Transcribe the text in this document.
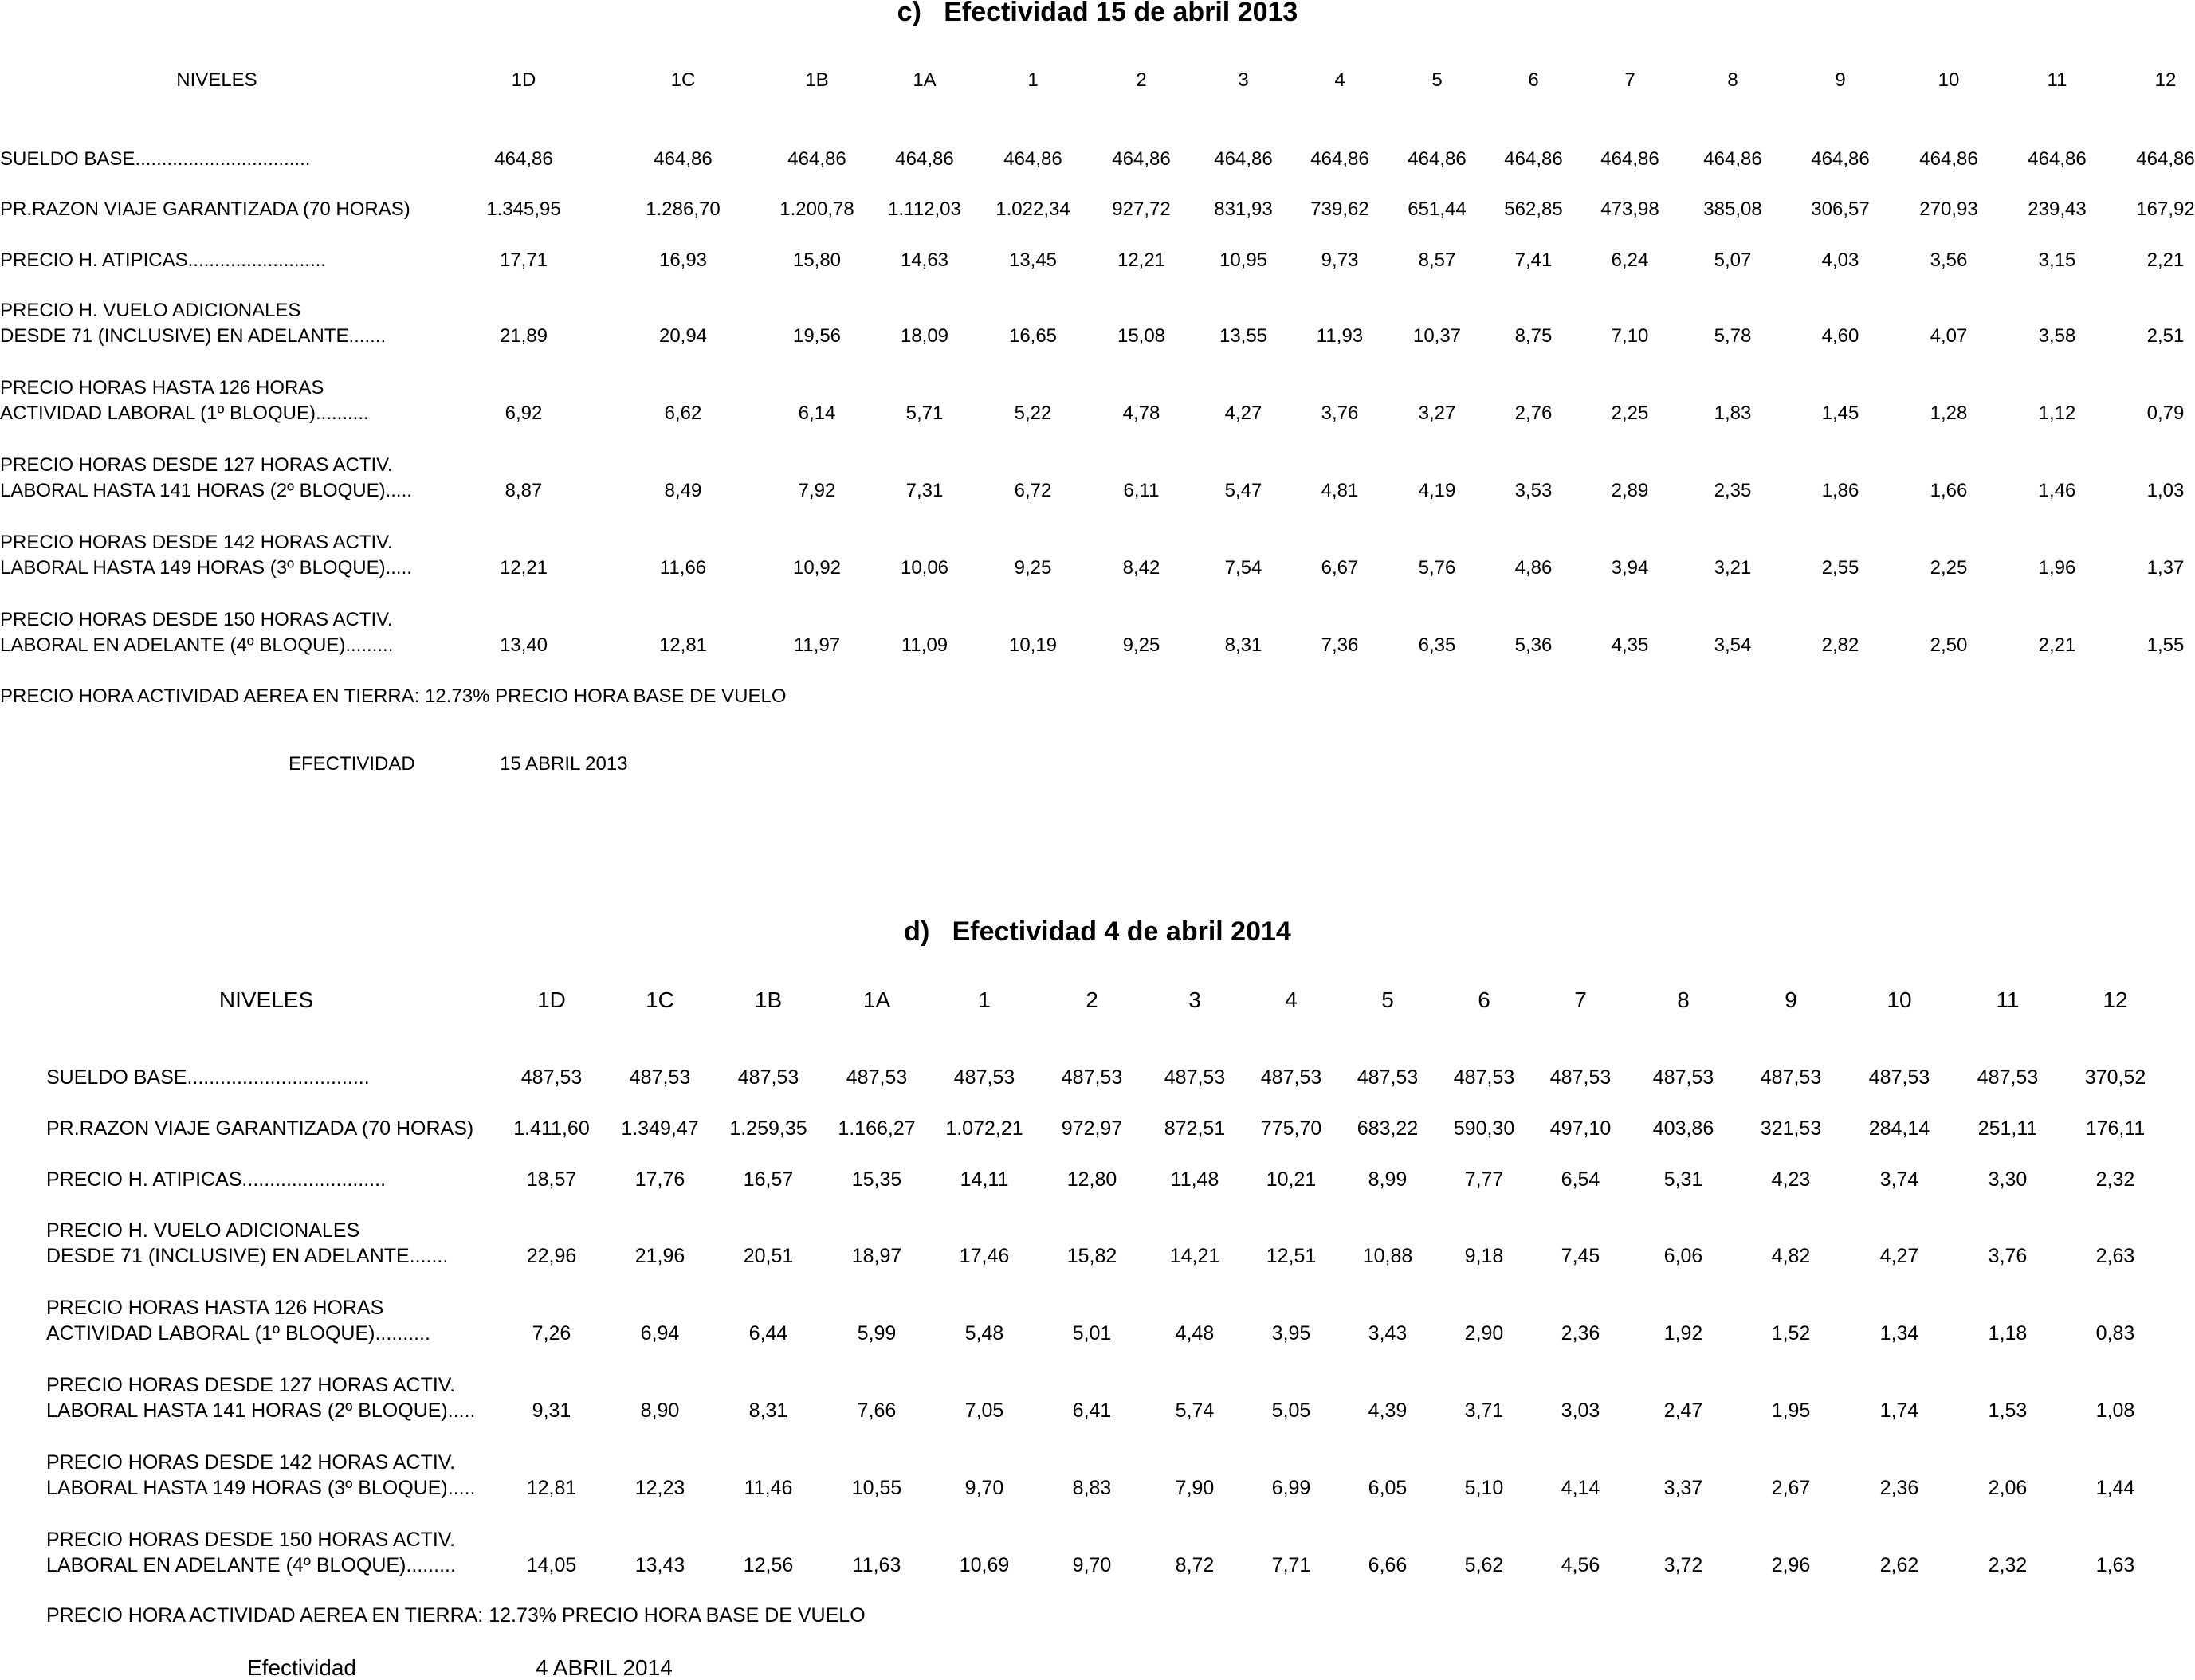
c)   Efectividad 15 de abril 2013
NIVELES	1D	1C	1B	1A	1	2	3	4	5	6	7	8	9	10	11	12
SUELDO BASE.................................	464,86	464,86	464,86	464,86	464,86	464,86 464,86 464,86 464,86 464,86 464,86 464,86	464,86	464,86	464,86	464,86
PR.RAZON VIAJE GARANTIZADA (70 HORAS)	1.345,95	1.286,70	1.200,78 1.112,03 1.022,34 927,72 831,93 739,62 651,44 562,85 473,98 385,08	306,57	270,93	239,43	167,92
PRECIO H. ATIPICAS..........................	17,71	16,93	15,80	14,63	13,45	12,21	10,95	9,73	8,57	7,41	6,24	5,07	4,03	3,56	3,15	2,21
PRECIO H. VUELO ADICIONALES
DESDE 71 (INCLUSIVE) EN ADELANTE.......	21,89	20,94	19,56	18,09	16,65	15,08	13,55	11,93	10,37	8,75	7,10	5,78	4,60	4,07	3,58	2,51
PRECIO HORAS HASTA 126 HORAS
ACTIVIDAD LABORAL (1º BLOQUE)..........	6,92	6,62	6,14	5,71	5,22	4,78	4,27	3,76	3,27	2,76	2,25	1,83	1,45	1,28	1,12	0,79
PRECIO HORAS DESDE 127 HORAS ACTIV.
LABORAL HASTA 141 HORAS (2º BLOQUE).....	8,87	8,49	7,92	7,31	6,72	6,11	5,47	4,81	4,19	3,53	2,89	2,35	1,86	1,66	1,46	1,03
PRECIO HORAS DESDE 142 HORAS ACTIV.
LABORAL HASTA 149 HORAS (3º BLOQUE).....	12,21	11,66	10,92	10,06	9,25	8,42	7,54	6,67	5,76	4,86	3,94	3,21	2,55	2,25	1,96	1,37
PRECIO HORAS DESDE 150 HORAS ACTIV.
LABORAL EN ADELANTE (4º BLOQUE).........	13,40	12,81	11,97	11,09	10,19	9,25	8,31	7,36	6,35	5,36	4,35	3,54	2,82	2,50	2,21	1,55
PRECIO HORA ACTIVIDAD AEREA EN TIERRA: 12.73% PRECIO HORA BASE DE VUELO
EFECTIVIDAD	15 ABRIL 2013
d)   Efectividad 4 de abril 2014
NIVELES	1D	1C	1B	1A	1	2	3	4	5	6	7	8	9	10	11	12
SUELDO BASE.................................	487,53 487,53 487,53 487,53 487,53 487,53 487,53 487,53 487,53 487,53 487,53 487,53 487,53 487,53 487,53 370,52
PR.RAZON VIAJE GARANTIZADA (70 HORAS) 1.411,60 1.349,47 1.259,35 1.166,27 1.072,21 972,97 872,51 775,70 683,22 590,30 497,10 403,86 321,53 284,14 251,11 176,11
PRECIO H. ATIPICAS..........................	18,57	17,76	16,57	15,35	14,11	12,80	11,48 10,21	8,99	7,77	6,54	5,31	4,23	3,74	3,30	2,32
PRECIO H. VUELO ADICIONALES
DESDE 71 (INCLUSIVE) EN ADELANTE.......	22,96	21,96	20,51	18,97	17,46	15,82	14,21 12,51 10,88	9,18	7,45	6,06	4,82	4,27	3,76	2,63
PRECIO HORAS HASTA 126 HORAS
ACTIVIDAD LABORAL (1º BLOQUE)..........	7,26	6,94	6,44	5,99	5,48	5,01	4,48	3,95	3,43	2,90	2,36	1,92	1,52	1,34	1,18	0,83
PRECIO HORAS DESDE 127 HORAS ACTIV.
LABORAL HASTA 141 HORAS (2º BLOQUE).....	9,31	8,90	8,31	7,66	7,05	6,41	5,74	5,05	4,39	3,71	3,03	2,47	1,95	1,74	1,53	1,08
PRECIO HORAS DESDE 142 HORAS ACTIV.
LABORAL HASTA 149 HORAS (3º BLOQUE).....	12,81	12,23	11,46	10,55	9,70	8,83	7,90	6,99	6,05	5,10	4,14	3,37	2,67	2,36	2,06	1,44
PRECIO HORAS DESDE 150 HORAS ACTIV.
LABORAL EN ADELANTE (4º BLOQUE).........	14,05	13,43	12,56	11,63	10,69	9,70	8,72	7,71	6,66	5,62	4,56	3,72	2,96	2,62	2,32	1,63
PRECIO HORA ACTIVIDAD AEREA EN TIERRA: 12.73% PRECIO HORA BASE DE VUELO
Efectividad	4 ABRIL 2014
